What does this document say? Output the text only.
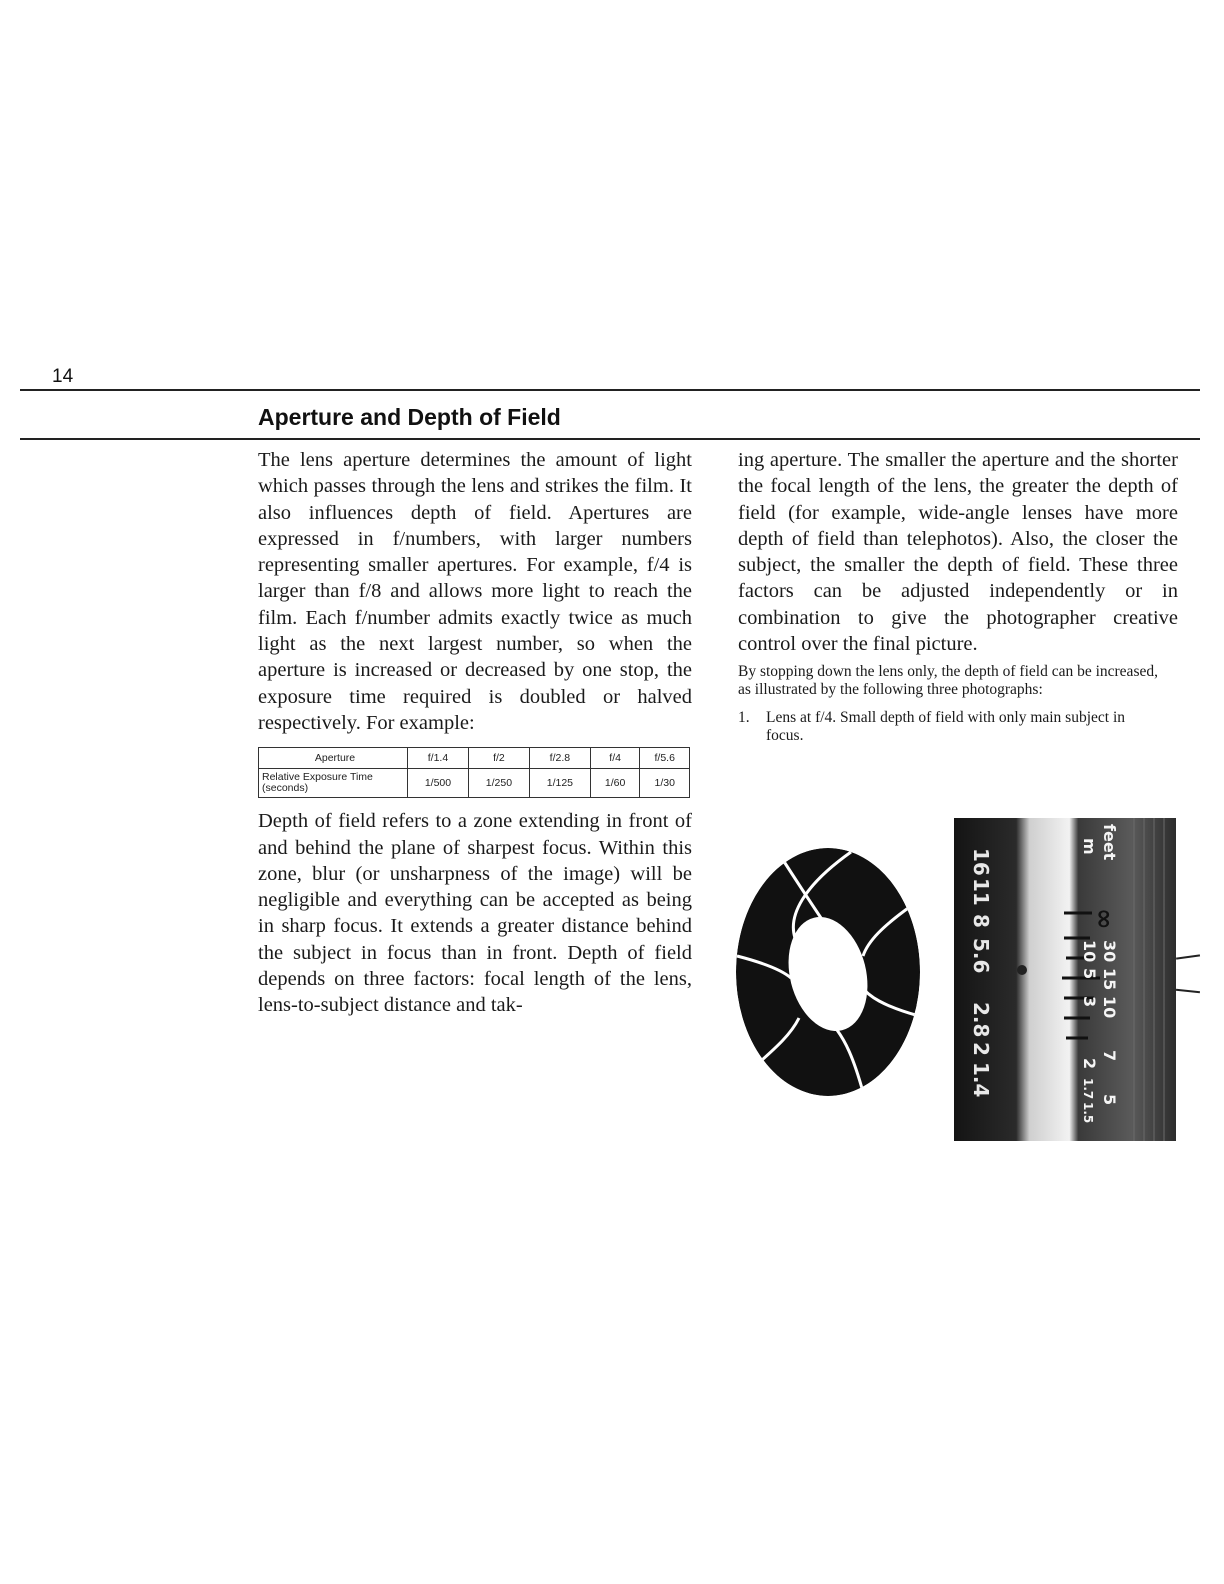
14
Aperture and Depth of Field

The lens aperture determines the amount of light which passes through the lens and strikes the film. It also influences depth of field. Apertures are expressed in f/numbers, with larger numbers representing smaller apertures. For example, f/4 is larger than f/8 and allows more light to reach the film. Each f/number admits exactly twice as much light as the next largest number, so when the aperture is increased or decreased by one stop, the exposure time required is doubled or halved respectively. For example:

Aperture	f/1.4	f/2	f/2.8	f/4	f/5.6
Relative Exposure Time (seconds)	1/500	1/250	1/125	1/60	1/30

Depth of field refers to a zone extending in front of and behind the plane of sharpest focus. Within this zone, blur (or unsharpness of the image) will be negligible and everything can be accepted as being in sharp focus. It extends a greater distance behind the subject in focus than in front. Depth of field depends on three factors: focal length of the lens, lens-to-subject distance and tak-

ing aperture. The smaller the aperture and the shorter the focal length of the lens, the greater the depth of field (for example, wide-angle lenses have more depth of field than telephotos). Also, the closer the subject, the smaller the depth of field. These three factors can be adjusted independently or in combination to give the photographer creative control over the final picture.

By stopping down the lens only, the depth of field can be increased, as illustrated by the following three photographs:

1.	Lens at f/4. Small depth of field with only main subject in focus.
16
11
8
5.6
2.8
2
1.4
feet
m
∞
30
15
10
7
5
10
5
3
2
1.7
1.5
